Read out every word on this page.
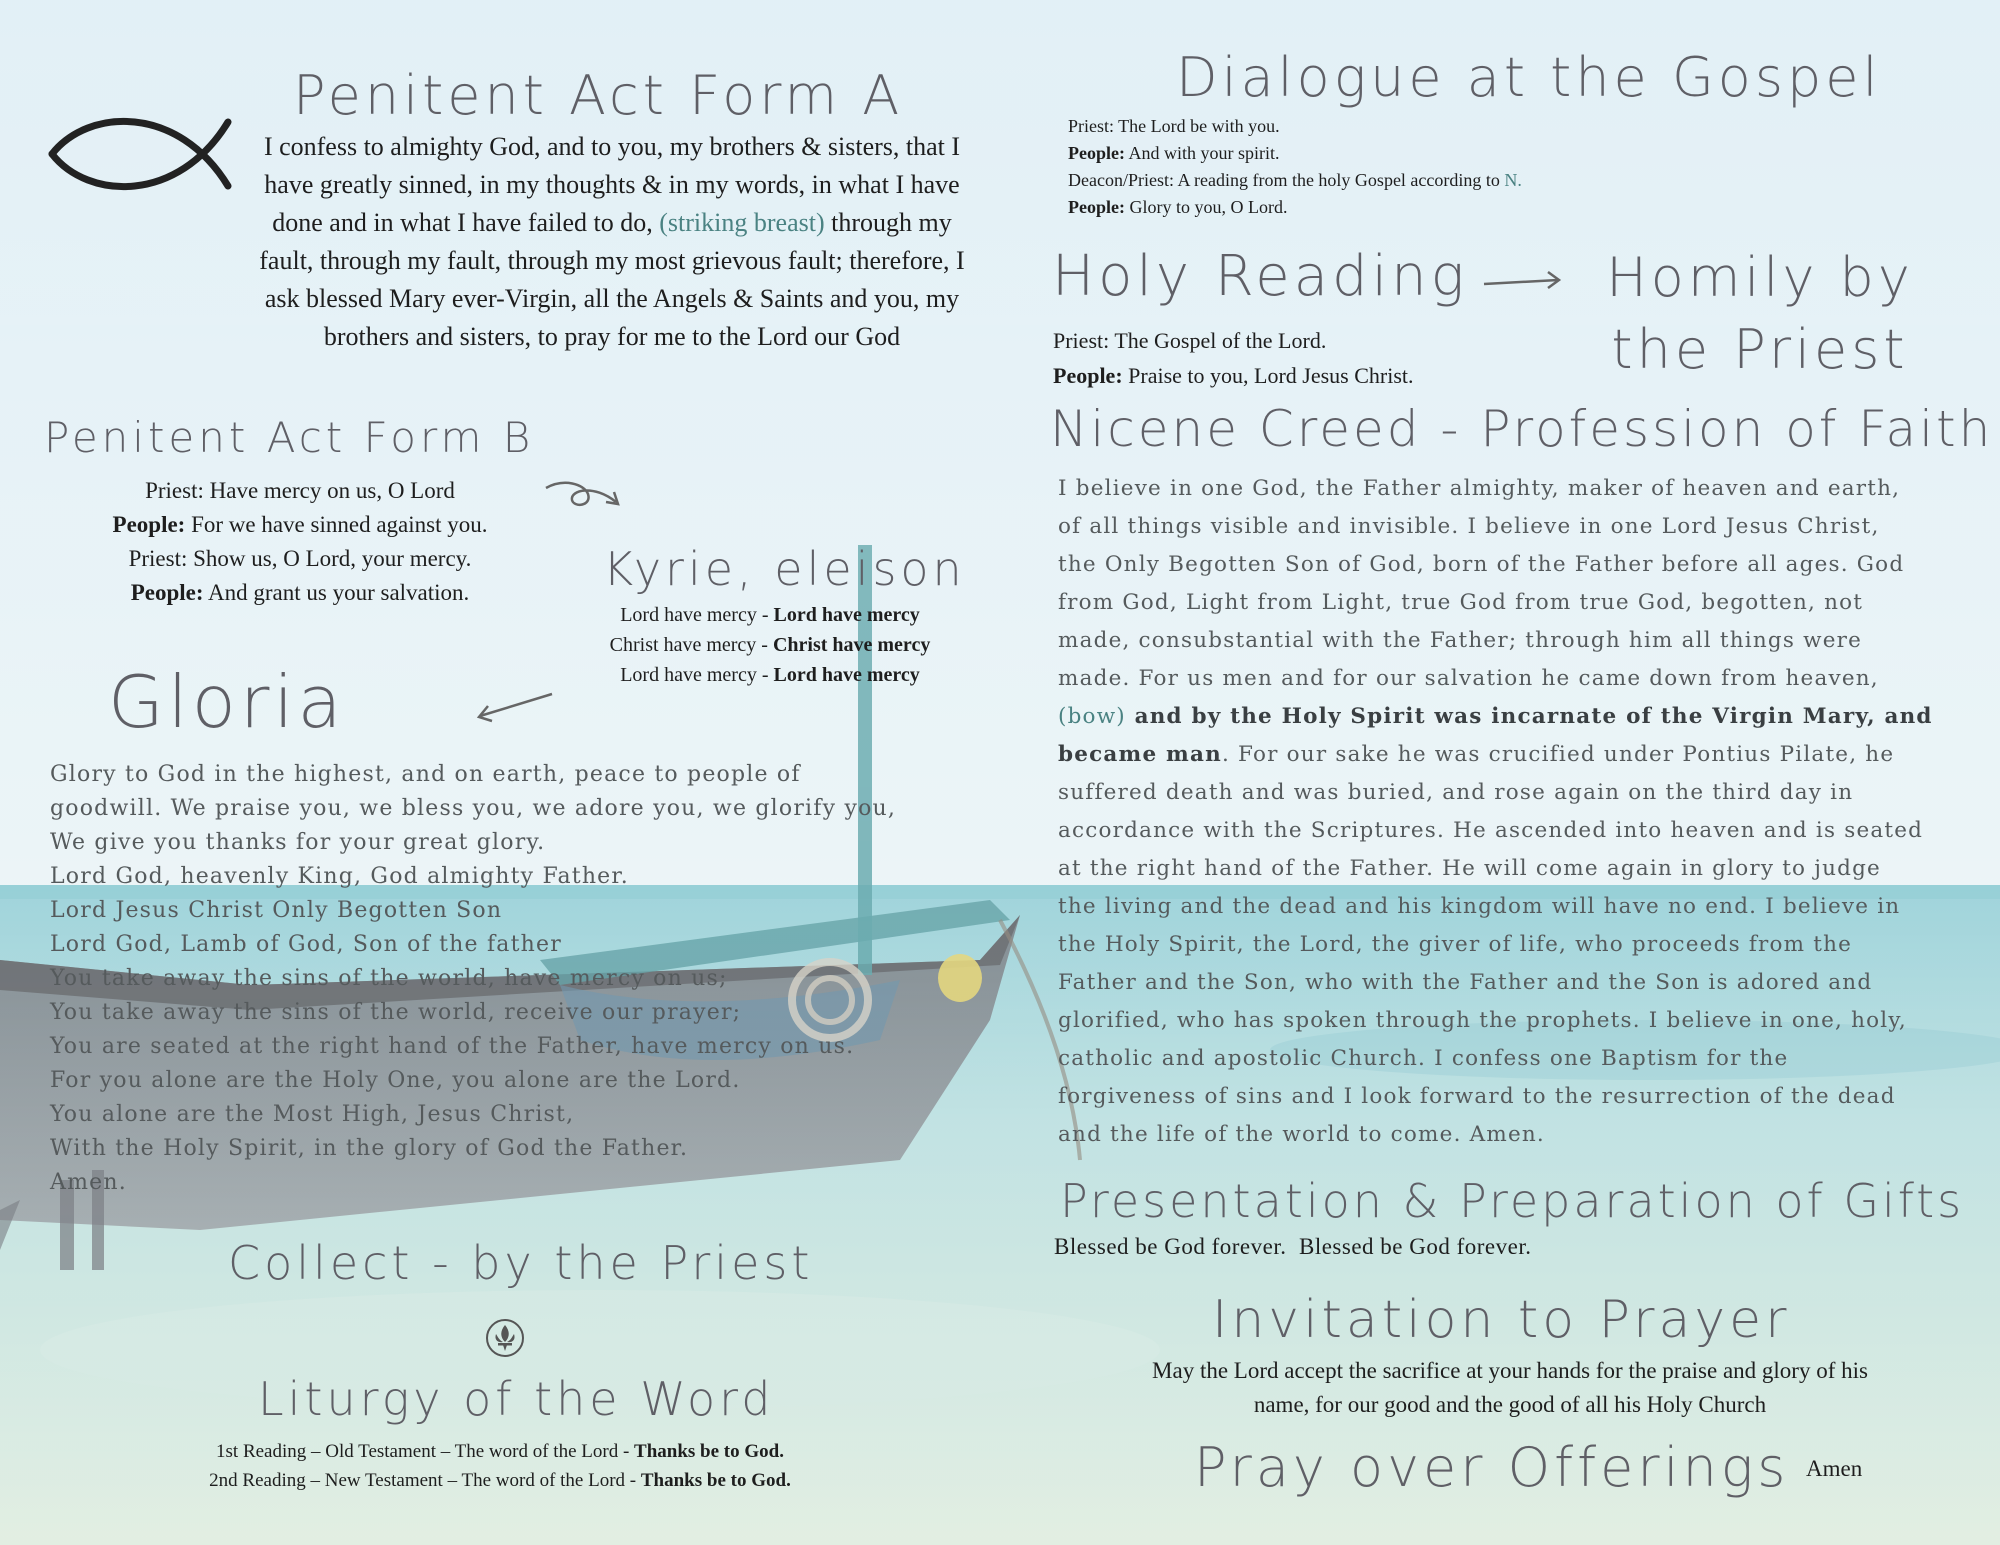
Penitent Act Form A

I confess to almighty God, and to you, my brothers & sisters, that I have greatly sinned, in my thoughts & in my words, in what I have done and in what I have failed to do, (striking breast) through my fault, through my fault, through my most grievous fault; therefore, I ask blessed Mary ever-Virgin, all the Angels & Saints and you, my brothers and sisters, to pray for me to the Lord our God

Penitent Act Form B

Priest: Have mercy on us, O Lord

People: For we have sinned against you.

Priest: Show us, O Lord, your mercy.

People: And grant us your salvation.	Kyrie, eleison

Lord have mercy - Lord have mercy

Christ have mercy - Christ have mercy

Lord have mercy - Lord have mercy

Gloria

Glory to God in the highest, and on earth, peace to people of

goodwill. We praise you, we bless you, we adore you, we glorify you,

We give you thanks for your great glory.

Lord God, heavenly King, God almighty Father.

Lord Jesus Christ Only Begotten Son

Lord God, Lamb of God, Son of the father

You take away the sins of the world, have mercy on us;

You take away the sins of the world, receive our prayer;

You are seated at the right hand of the Father, have mercy on us.

For you alone are the Holy One, you alone are the Lord.

You alone are the Most High, Jesus Christ,

With the Holy Spirit, in the glory of God the Father.

Amen.

Collect - by the Priest
Liturgy of the Word

1st Reading – Old Testament – The word of the Lord - Thanks be to God.

2nd Reading – New Testament – The word of the Lord - Thanks be to God.

Dialogue at the Gospel

Priest: The Lord be with you.

People: And with your spirit.

Deacon/Priest: A reading from the holy Gospel according to N.

People: Glory to you, O Lord.

Holy Reading	Homily by
the Priest

Priest: The Gospel of the Lord.

People: Praise to you, Lord Jesus Christ.

Nicene Creed - Profession of Faith

I believe in one God, the Father almighty, maker of heaven and earth,

of all things visible and invisible. I believe in one Lord Jesus Christ,

the Only Begotten Son of God, born of the Father before all ages. God

from God, Light from Light, true God from true God, begotten, not

made, consubstantial with the Father; through him all things were

made. For us men and for our salvation he came down from heaven,

(bow) and by the Holy Spirit was incarnate of the Virgin Mary, and

became man. For our sake he was crucified under Pontius Pilate, he

suffered death and was buried, and rose again on the third day in

accordance with the Scriptures. He ascended into heaven and is seated

at the right hand of the Father. He will come again in glory to judge

the living and the dead and his kingdom will have no end. I believe in

the Holy Spirit, the Lord, the giver of life, who proceeds from the

Father and the Son, who with the Father and the Son is adored and

glorified, who has spoken through the prophets. I believe in one, holy,

catholic and apostolic Church. I confess one Baptism for the

forgiveness of sins and I look forward to the resurrection of the dead

and the life of the world to come. Amen.

Presentation & Preparation of Gifts

Blessed be God forever.  Blessed be God forever.

Invitation to Prayer

May the Lord accept the sacrifice at your hands for the praise and glory of his

name, for our good and the good of all his Holy Church

Pray over Offerings Amen
